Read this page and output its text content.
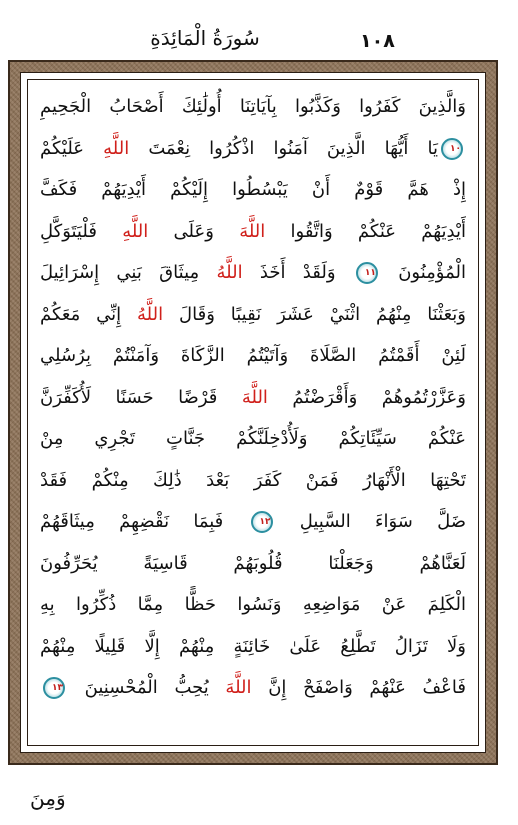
١٠٨
سُورَةُ الْمَائِدَةِ
وَالَّذِينَ كَفَرُوا وَكَذَّبُوا بِآيَاتِنَا أُولَٰئِكَ أَصْحَابُ الْجَحِيمِ
١٠يَا أَيُّهَا الَّذِينَ آمَنُوا اذْكُرُوا نِعْمَتَ اللَّهِ عَلَيْكُمْ
إِذْ هَمَّ قَوْمٌ أَنْ يَبْسُطُوا إِلَيْكُمْ أَيْدِيَهُمْ فَكَفَّ
أَيْدِيَهُمْ عَنْكُمْ وَاتَّقُوا اللَّهَ وَعَلَى اللَّهِ فَلْيَتَوَكَّلِ
الْمُؤْمِنُونَ ١١ وَلَقَدْ أَخَذَ اللَّهُ مِيثَاقَ بَنِي إِسْرَائِيلَ
وَبَعَثْنَا مِنْهُمُ اثْنَيْ عَشَرَ نَقِيبًا وَقَالَ اللَّهُ إِنِّي مَعَكُمْ
لَئِنْ أَقَمْتُمُ الصَّلَاةَ وَآتَيْتُمُ الزَّكَاةَ وَآمَنْتُمْ بِرُسُلِي
وَعَزَّرْتُمُوهُمْ وَأَقْرَضْتُمُ اللَّهَ قَرْضًا حَسَنًا لَأُكَفِّرَنَّ
عَنْكُمْ سَيِّئَاتِكُمْ وَلَأُدْخِلَنَّكُمْ جَنَّاتٍ تَجْرِي مِنْ
تَحْتِهَا الْأَنْهَارُ فَمَنْ كَفَرَ بَعْدَ ذَٰلِكَ مِنْكُمْ فَقَدْ
ضَلَّ سَوَاءَ السَّبِيلِ ١٢ فَبِمَا نَقْضِهِمْ مِيثَاقَهُمْ
لَعَنَّاهُمْ وَجَعَلْنَا قُلُوبَهُمْ قَاسِيَةً يُحَرِّفُونَ
الْكَلِمَ عَنْ مَوَاضِعِهِ وَنَسُوا حَظًّا مِمَّا ذُكِّرُوا بِهِ
وَلَا تَزَالُ تَطَّلِعُ عَلَىٰ خَائِنَةٍ مِنْهُمْ إِلَّا قَلِيلًا مِنْهُمْ
فَاعْفُ عَنْهُمْ وَاصْفَحْ إِنَّ اللَّهَ يُحِبُّ الْمُحْسِنِينَ ١٣
وَمِنَ
